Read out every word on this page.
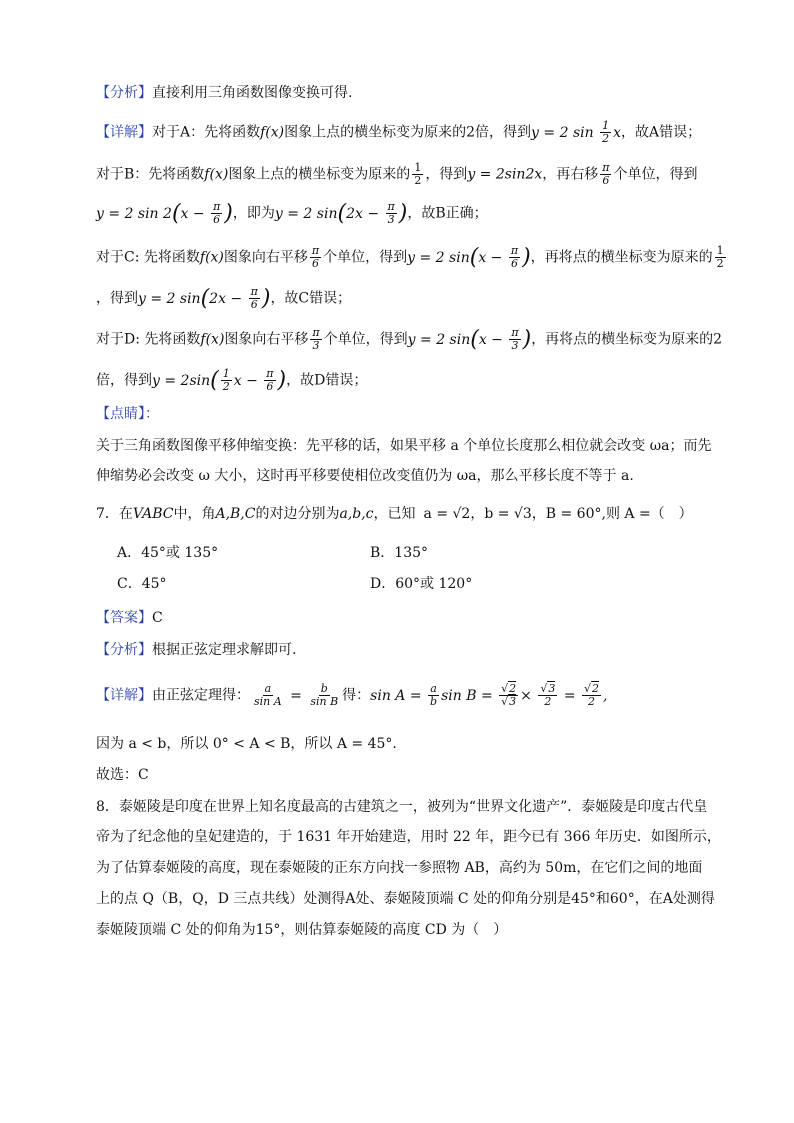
【分析】直接利用三角函数图像变换可得.
【详解】对于A：先将函数f(x)图象上点的横坐标变为原来的2倍，得到y = 2 $\sin \frac{1}{2}$ x，故A错误；
对于B：先将函数f(x)图象上点的横坐标变为原来的 $\frac{1}{2}$ ，得到y = 2sin2x，再右移 $\frac{\pi}{6}$ 个单位，得到
y = 2 $\sin 2(x - \frac{\pi}{6}$ )，即为y = 2 $\sin(2x - \frac{\pi}{3}$ )，故B正确；
对于C: 先将函数f(x)图象向右平移 $\frac{\pi}{6}$ 个单位，得到y = 2 $\sin(x - \frac{\pi}{6}$ )，再将点的横坐标变为原来的 $\frac{1}{2}$
，得到y = 2 $\sin(2x - \frac{\pi}{6}$ )，故C错误；
对于D: 先将函数f(x)图象向右平移 $\frac{\pi}{3}$ 个单位，得到y = 2 $\sin(x - \frac{\pi}{3}$ )，再将点的横坐标变为原来的2
倍，得到$y = 2\sin( \frac{1}{2}$ $x - \frac{\pi}{6}$ )，故D错误；
【点睛】：
关于三角函数图像平移伸缩变换：先平移的话，如果平移 a 个单位长度那么相位就会改变 ωa；而先
伸缩势必会改变 ω 大小，这时再平移要使相位改变值仍为 ωa，那么平移长度不等于 a.
7．在VABC中，角A,B,C的对边分别为a,b,c，已知 a = √2，b = √3，B = 60°,则 A =（　）
A．45°或 135°	B．135°
C．45°	D．60°或 120°
【答案】C
【分析】根据正弦定理求解即可.
【详解】由正弦定理得： $\frac{a}{\text{sin A}} = \frac{b}{\text{sin B}}$ 得：$\sin A = \frac{a}{b}$ $\sin B = \frac{√2}{√3} \times \frac{√3}{2} = \frac{√2}{2}$ ,
因为 a < b，所以 0° < A < B，所以 A = 45°.
故选：C
8．泰姬陵是印度在世界上知名度最高的古建筑之一，被列为“世界文化遗产”．泰姬陵是印度古代皇
帝为了纪念他的皇妃建造的，于 1631 年开始建造，用时 22 年，距今已有 366 年历史．如图所示，
为了估算泰姬陵的高度，现在泰姬陵的正东方向找一参照物 AB，高约为 50m，在它们之间的地面
上的点 Q（B，Q，D 三点共线）处测得A处、泰姬陵顶端 C 处的仰角分别是45°和60°，在A处测得
泰姬陵顶端 C 处的仰角为15°，则估算泰姬陵的高度 CD 为（　）
